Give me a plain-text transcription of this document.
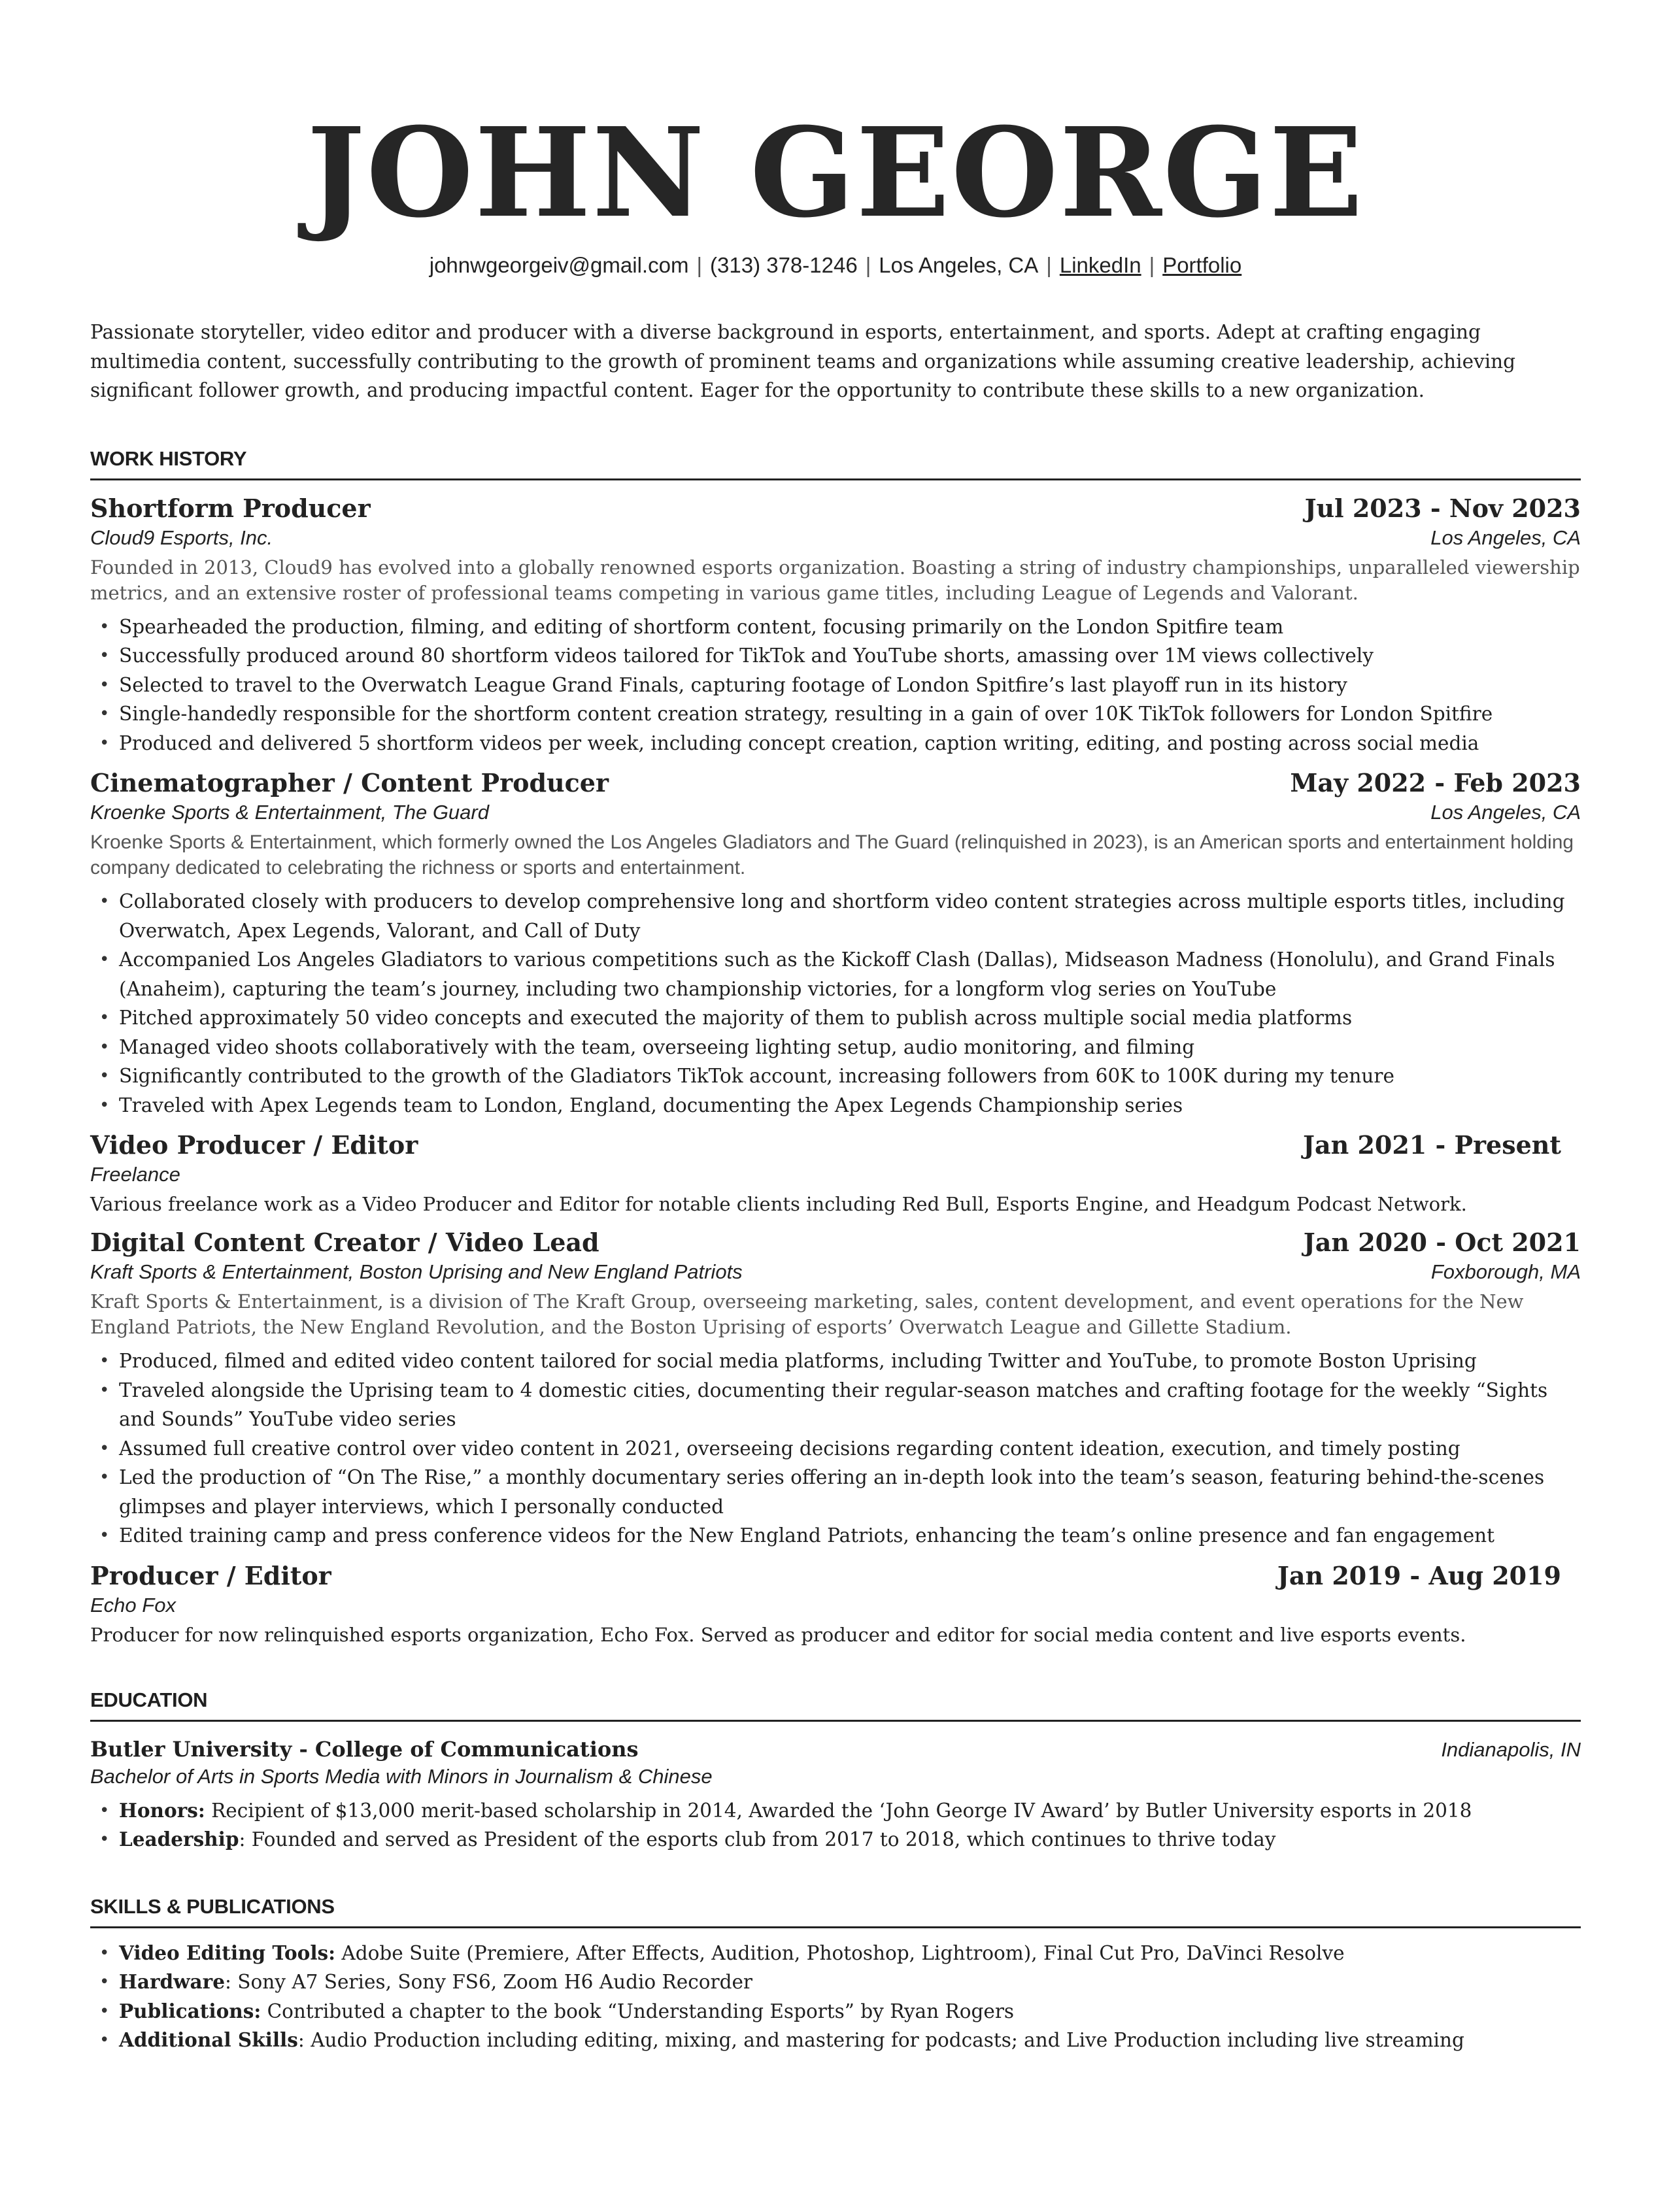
JOHN GEORGE
johnwgeorgeiv@gmail.com | (313) 378-1246 | Los Angeles, CA | LinkedIn | Portfolio
Passionate storyteller, video editor and producer with a diverse background in esports, entertainment, and sports. Adept at crafting engaging multimedia content, successfully contributing to the growth of prominent teams and organizations while assuming creative leadership, achieving significant follower growth, and producing impactful content. Eager for the opportunity to contribute these skills to a new organization.
WORK HISTORY
Shortform Producer	Jul 2023 - Nov 2023
Cloud9 Esports, Inc.	Los Angeles, CA
Founded in 2013, Cloud9 has evolved into a globally renowned esports organization. Boasting a string of industry championships, unparalleled viewership metrics, and an extensive roster of professional teams competing in various game titles, including League of Legends and Valorant.
• Spearheaded the production, filming, and editing of shortform content, focusing primarily on the London Spitfire team
• Successfully produced around 80 shortform videos tailored for TikTok and YouTube shorts, amassing over 1M views collectively
• Selected to travel to the Overwatch League Grand Finals, capturing footage of London Spitfire’s last playoff run in its history
• Single-handedly responsible for the shortform content creation strategy, resulting in a gain of over 10K TikTok followers for London Spitfire
• Produced and delivered 5 shortform videos per week, including concept creation, caption writing, editing, and posting across social media
Cinematographer / Content Producer	May 2022 - Feb 2023
Kroenke Sports & Entertainment, The Guard	Los Angeles, CA
Kroenke Sports & Entertainment, which formerly owned the Los Angeles Gladiators and The Guard (relinquished in 2023), is an American sports and entertainment holding company dedicated to celebrating the richness or sports and entertainment.
• Collaborated closely with producers to develop comprehensive long and shortform video content strategies across multiple esports titles, including Overwatch, Apex Legends, Valorant, and Call of Duty
• Accompanied Los Angeles Gladiators to various competitions such as the Kickoff Clash (Dallas), Midseason Madness (Honolulu), and Grand Finals (Anaheim), capturing the team’s journey, including two championship victories, for a longform vlog series on YouTube
• Pitched approximately 50 video concepts and executed the majority of them to publish across multiple social media platforms
• Managed video shoots collaboratively with the team, overseeing lighting setup, audio monitoring, and filming
• Significantly contributed to the growth of the Gladiators TikTok account, increasing followers from 60K to 100K during my tenure
• Traveled with Apex Legends team to London, England, documenting the Apex Legends Championship series
Video Producer / Editor	Jan 2021 - Present
Freelance
Various freelance work as a Video Producer and Editor for notable clients including Red Bull, Esports Engine, and Headgum Podcast Network.
Digital Content Creator / Video Lead	Jan 2020 - Oct 2021
Kraft Sports & Entertainment, Boston Uprising and New England Patriots	Foxborough, MA
Kraft Sports & Entertainment, is a division of The Kraft Group, overseeing marketing, sales, content development, and event operations for the New England Patriots, the New England Revolution, and the Boston Uprising of esports’ Overwatch League and Gillette Stadium.
• Produced, filmed and edited video content tailored for social media platforms, including Twitter and YouTube, to promote Boston Uprising
• Traveled alongside the Uprising team to 4 domestic cities, documenting their regular-season matches and crafting footage for the weekly “Sights and Sounds” YouTube video series
• Assumed full creative control over video content in 2021, overseeing decisions regarding content ideation, execution, and timely posting
• Led the production of “On The Rise,” a monthly documentary series offering an in-depth look into the team’s season, featuring behind-the-scenes glimpses and player interviews, which I personally conducted
• Edited training camp and press conference videos for the New England Patriots, enhancing the team’s online presence and fan engagement
Producer / Editor	Jan 2019 - Aug 2019
Echo Fox
Producer for now relinquished esports organization, Echo Fox. Served as producer and editor for social media content and live esports events.
EDUCATION
Butler University - College of Communications	Indianapolis, IN
Bachelor of Arts in Sports Media with Minors in Journalism & Chinese
• Honors: Recipient of $13,000 merit-based scholarship in 2014, Awarded the ‘John George IV Award’ by Butler University esports in 2018
• Leadership: Founded and served as President of the esports club from 2017 to 2018, which continues to thrive today
SKILLS & PUBLICATIONS
• Video Editing Tools: Adobe Suite (Premiere, After Effects, Audition, Photoshop, Lightroom), Final Cut Pro, DaVinci Resolve
• Hardware: Sony A7 Series, Sony FS6, Zoom H6 Audio Recorder
• Publications: Contributed a chapter to the book “Understanding Esports” by Ryan Rogers
• Additional Skills: Audio Production including editing, mixing, and mastering for podcasts; and Live Production including live streaming
